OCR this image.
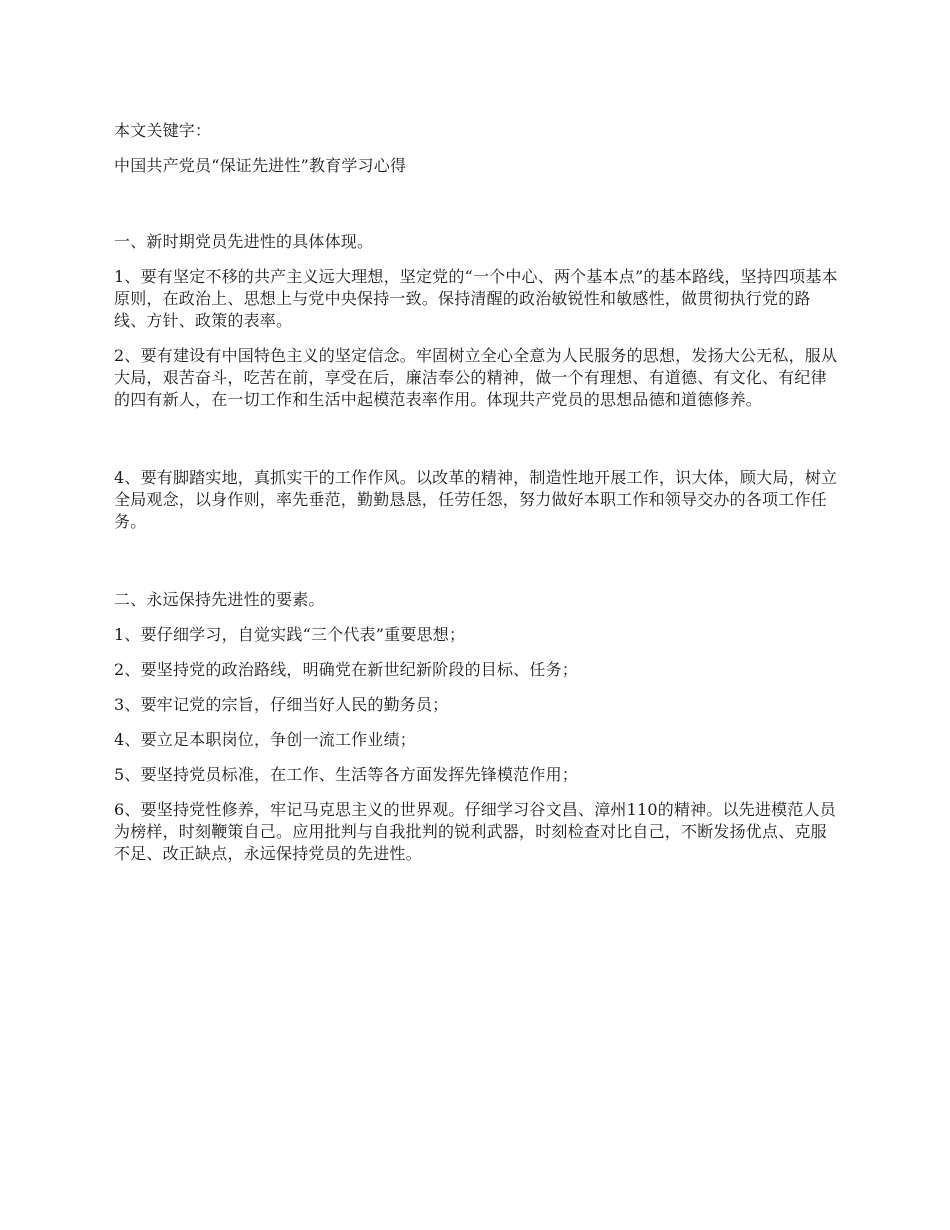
本文关键字：

中国共产党员“保证先进性”教育学习心得

一、新时期党员先进性的具体体现。

1、要有坚定不移的共产主义远大理想，坚定党的“一个中心、两个基本点”的基本路线，坚持四项基本原则，在政治上、思想上与党中央保持一致。保持清醒的政治敏锐性和敏感性，做贯彻执行党的路线、方针、政策的表率。

2、要有建设有中国特色主义的坚定信念。牢固树立全心全意为人民服务的思想，发扬大公无私，服从大局，艰苦奋斗，吃苦在前，享受在后，廉洁奉公的精神，做一个有理想、有道德、有文化、有纪律的四有新人，在一切工作和生活中起模范表率作用。体现共产党员的思想品德和道德修养。

4、要有脚踏实地，真抓实干的工作作风。以改革的精神，制造性地开展工作，识大体，顾大局，树立全局观念，以身作则，率先垂范，勤勤恳恳，任劳任怨，努力做好本职工作和领导交办的各项工作任务。

二、永远保持先进性的要素。

1、要仔细学习，自觉实践“三个代表”重要思想；

2、要坚持党的政治路线，明确党在新世纪新阶段的目标、任务；

3、要牢记党的宗旨，仔细当好人民的勤务员；

4、要立足本职岗位，争创一流工作业绩；

5、要坚持党员标准，在工作、生活等各方面发挥先锋模范作用；

6、要坚持党性修养，牢记马克思主义的世界观。仔细学习谷文昌、漳州110的精神。以先进模范人员为榜样，时刻鞭策自己。应用批判与自我批判的锐利武器，时刻检查对比自己，不断发扬优点、克服不足、改正缺点，永远保持党员的先进性。
